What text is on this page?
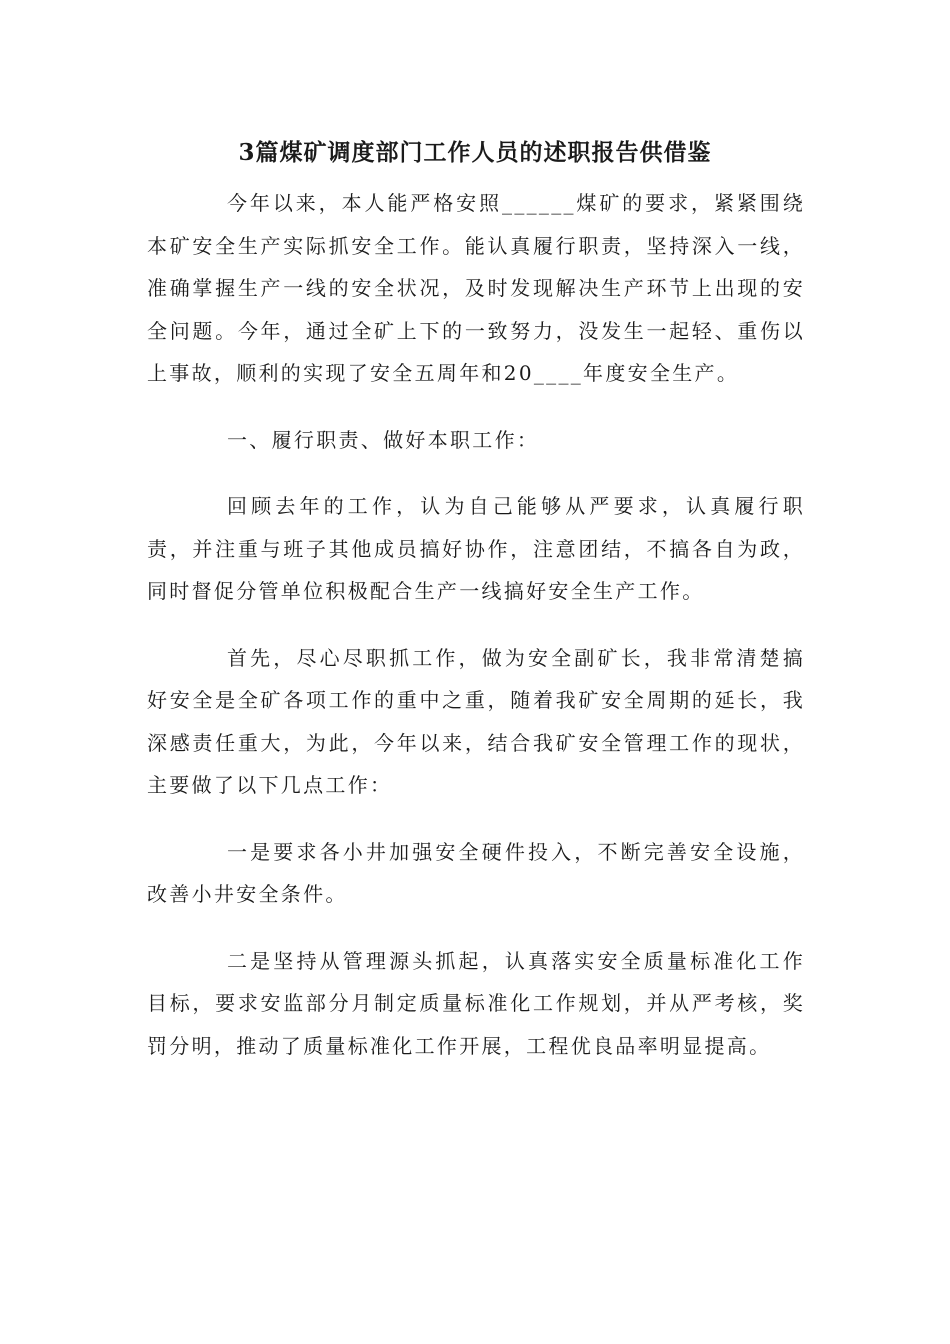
3篇煤矿调度部门工作人员的述职报告供借鉴

今年以来，本人能严格安照______煤矿的要求，紧紧围绕本矿安全生产实际抓安全工作。能认真履行职责，坚持深入一线，准确掌握生产一线的安全状况，及时发现解决生产环节上出现的安全问题。今年，通过全矿上下的一致努力，没发生一起轻、重伤以上事故，顺利的实现了安全五周年和20____年度安全生产。

一、履行职责、做好本职工作：

回顾去年的工作，认为自己能够从严要求，认真履行职责，并注重与班子其他成员搞好协作，注意团结，不搞各自为政，同时督促分管单位积极配合生产一线搞好安全生产工作。

首先，尽心尽职抓工作，做为安全副矿长，我非常清楚搞好安全是全矿各项工作的重中之重，随着我矿安全周期的延长，我深感责任重大，为此，今年以来，结合我矿安全管理工作的现状，主要做了以下几点工作：

一是要求各小井加强安全硬件投入，不断完善安全设施，改善小井安全条件。

二是坚持从管理源头抓起，认真落实安全质量标准化工作目标，要求安监部分月制定质量标准化工作规划，并从严考核，奖罚分明，推动了质量标准化工作开展，工程优良品率明显提高。
